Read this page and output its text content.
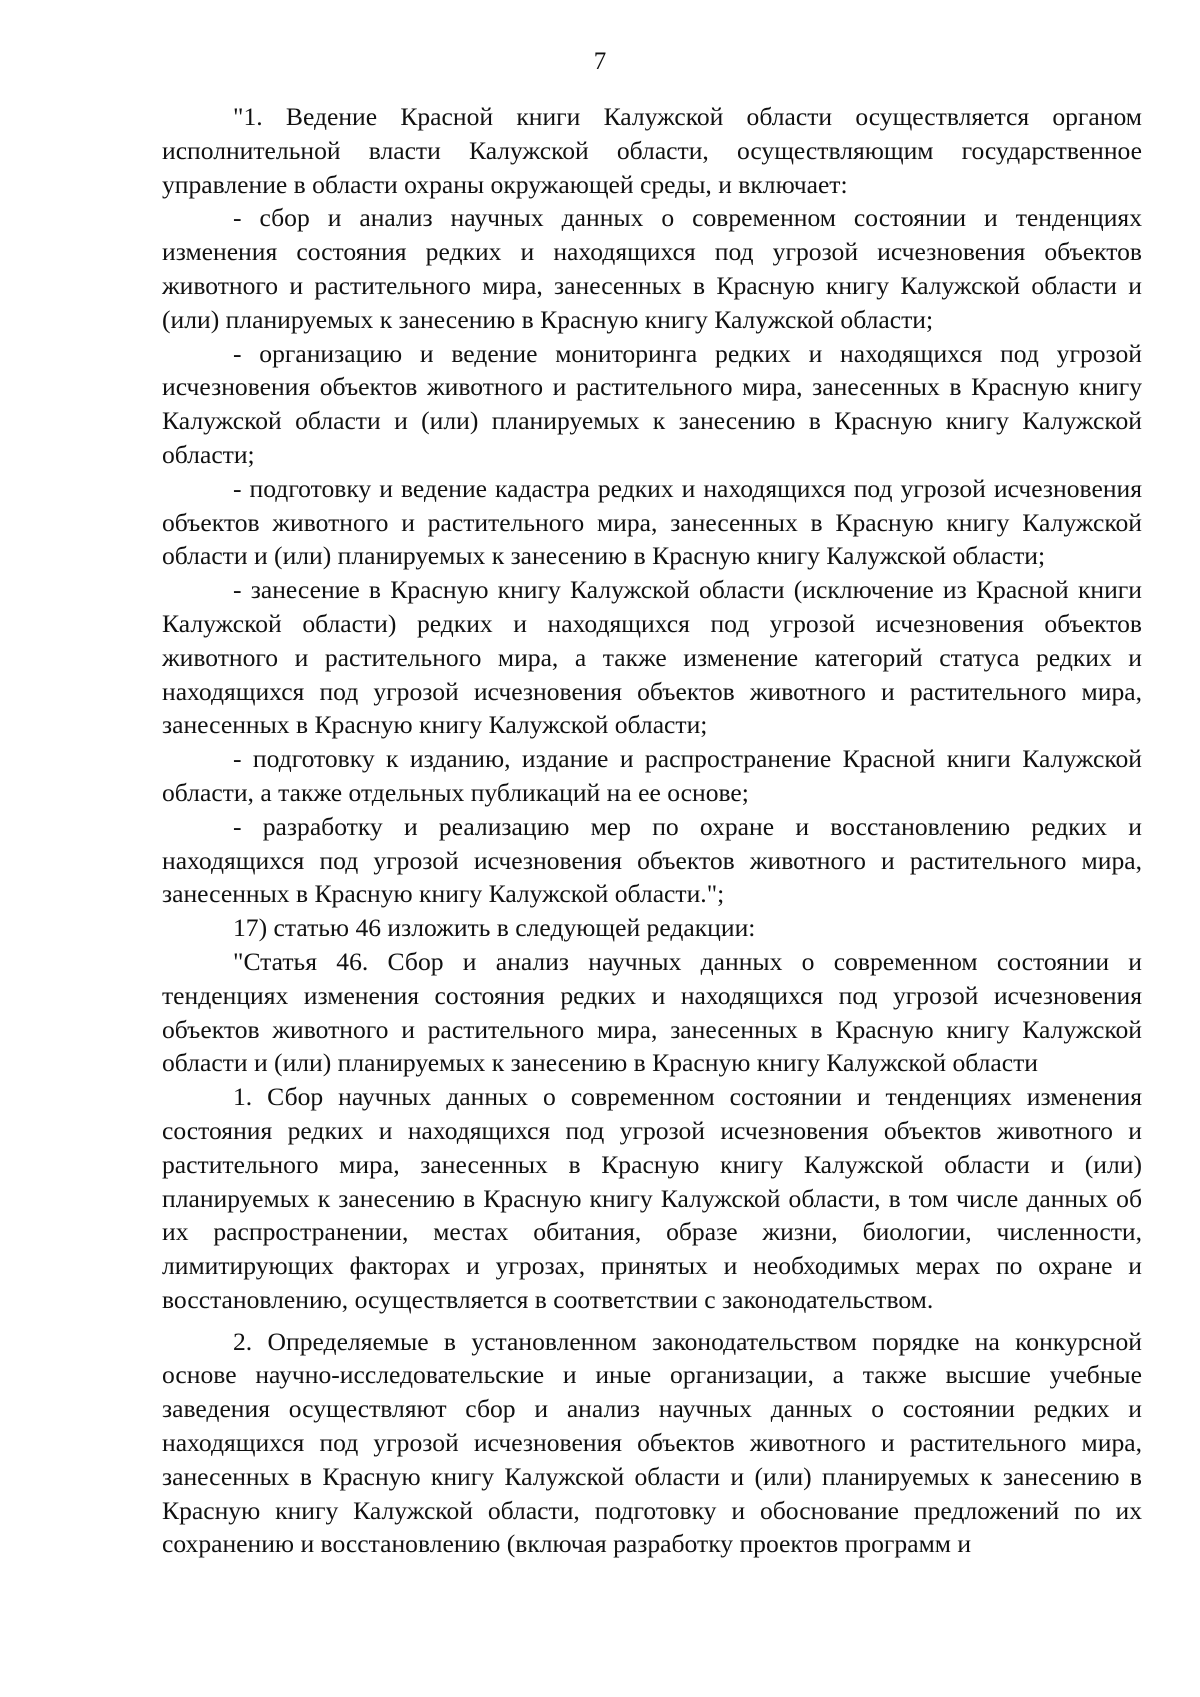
7

"1. Ведение Красной книги Калужской области осуществляется органом исполнительной власти Калужской области, осуществляющим государственное управление в области охраны окружающей среды, и включает:

- сбор и анализ научных данных о современном состоянии и тенденциях изменения состояния редких и находящихся под угрозой исчезновения объектов животного и растительного мира, занесенных в Красную книгу Калужской области и (или) планируемых к занесению в Красную книгу Калужской области;

- организацию и ведение мониторинга редких и находящихся под угрозой исчезновения объектов животного и растительного мира, занесенных в Красную книгу Калужской области и (или) планируемых к занесению в Красную книгу Калужской области;

- подготовку и ведение кадастра редких и находящихся под угрозой исчезновения объектов животного и растительного мира, занесенных в Красную книгу Калужской области и (или) планируемых к занесению в Красную книгу Калужской области;

- занесение в Красную книгу Калужской области (исключение из Красной книги Калужской области) редких и находящихся под угрозой исчезновения объектов животного и растительного мира, а также изменение категорий статуса редких и находящихся под угрозой исчезновения объектов животного и растительного мира, занесенных в Красную книгу Калужской области;

- подготовку к изданию, издание и распространение Красной книги Калужской области, а также отдельных публикаций на ее основе;

- разработку и реализацию мер по охране и восстановлению редких и находящихся под угрозой исчезновения объектов животного и растительного мира, занесенных в Красную книгу Калужской области.";

17) статью 46 изложить в следующей редакции:

"Статья 46. Сбор и анализ научных данных о современном состоянии и тенденциях изменения состояния редких и находящихся под угрозой исчезновения объектов животного и растительного мира, занесенных в Красную книгу Калужской области и (или) планируемых к занесению в Красную книгу Калужской области

1. Сбор научных данных о современном состоянии и тенденциях изменения состояния редких и находящихся под угрозой исчезновения объектов животного и растительного мира, занесенных в Красную книгу Калужской области и (или) планируемых к занесению в Красную книгу Калужской области, в том числе данных об их распространении, местах обитания, образе жизни, биологии, численности, лимитирующих факторах и угрозах, принятых и необходимых мерах по охране и восстановлению, осуществляется в соответствии с законодательством.

2. Определяемые в установленном законодательством порядке на конкурсной основе научно-исследовательские и иные организации, а также высшие учебные заведения осуществляют сбор и анализ научных данных о состоянии редких и находящихся под угрозой исчезновения объектов животного и растительного мира, занесенных в Красную книгу Калужской области и (или) планируемых к занесению в Красную книгу Калужской области, подготовку и обоснование предложений по их сохранению и восстановлению (включая разработку проектов программ и
